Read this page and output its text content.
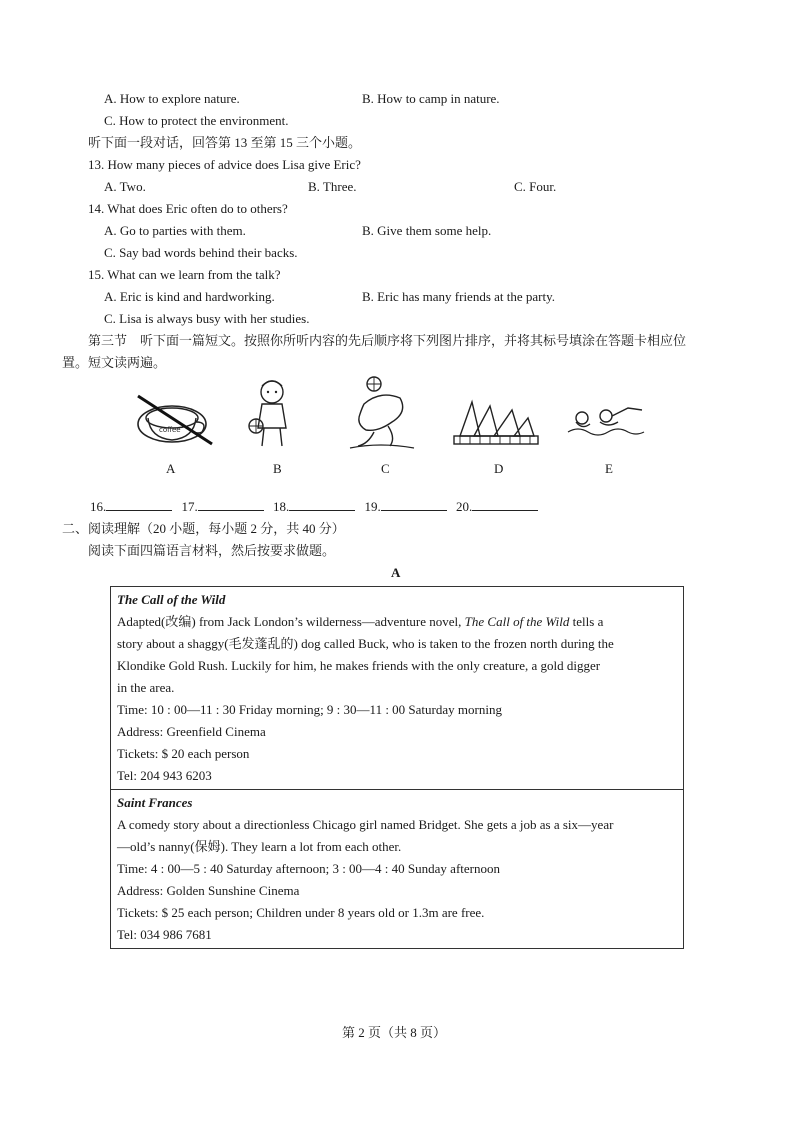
A. How to explore nature.	B. How to camp in nature.
C. How to protect the environment.
听下面一段对话，回答第 13 至第 15 三个小题。
13. How many pieces of advice does Lisa give Eric?
A. Two.	B. Three.	C. Four.
14. What does Eric often do to others?
A. Go to parties with them.	B. Give them some help.
C. Say bad words behind their backs.
15. What can we learn from the talk?
A. Eric is kind and hardworking.	B. Eric has many friends at the party.
C. Lisa is always busy with her studies.
第三节　听下面一篇短文。按照你所听内容的先后顺序将下列图片排序，并将其标号填涂在答题卡相应位
置。短文读两遍。
coffee
A	B	C	D	E
16.	17.	18.	19.	20.
二、阅读理解（20 小题，每小题 2 分，共 40 分）
阅读下面四篇语言材料，然后按要求做题。
A
The Call of the Wild
Adapted(改编) from Jack London’s wilderness—adventure novel, The Call of the Wild tells a
story about a shaggy(毛发蓬乱的) dog called Buck, who is taken to the frozen north during the
Klondike Gold Rush. Luckily for him, he makes friends with the only creature, a gold digger
in the area.
Time: 10 : 00—11 : 30 Friday morning; 9 : 30—11 : 00 Saturday morning
Address: Greenfield Cinema
Tickets: $ 20 each person
Tel: 204 943 6203
Saint Frances
A comedy story about a directionless Chicago girl named Bridget. She gets a job as a six—year
—old’s nanny(保姆). They learn a lot from each other.
Time: 4 : 00—5 : 40 Saturday afternoon; 3 : 00—4 : 40 Sunday afternoon
Address: Golden Sunshine Cinema
Tickets: $ 25 each person; Children under 8 years old or 1.3m are free.
Tel: 034 986 7681
第 2 页（共 8 页）
